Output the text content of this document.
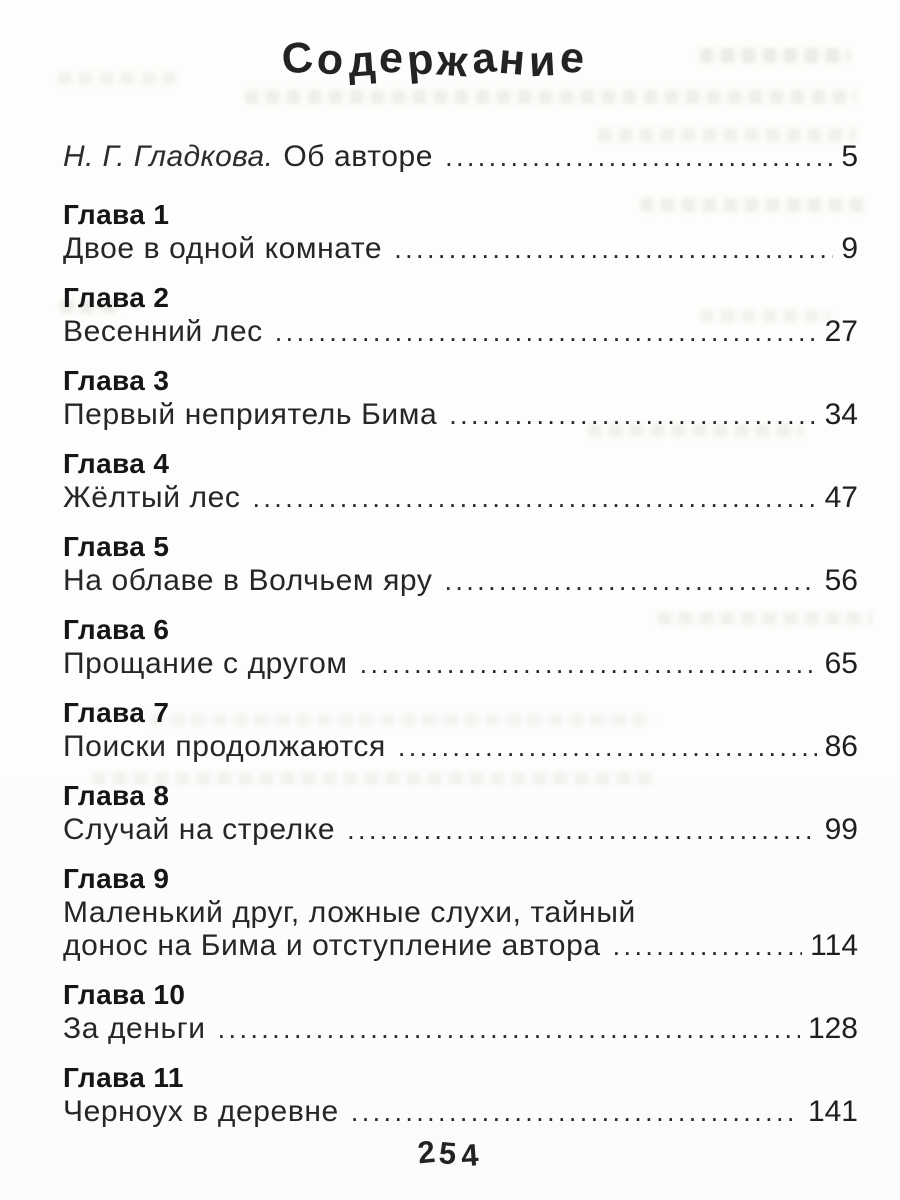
Содержание
Н. Г. Гладкова. Об авторе .....	5
Глава 1
Двое в одной комнате .....	9
Глава 2
Весенний лес .....	27
Глава 3
Первый неприятель Бима .....	34
Глава 4
Жёлтый лес .....	47
Глава 5
На облаве в Волчьем яру .....	56
Глава 6
Прощание с другом .....	65
Глава 7
Поиски продолжаются .....	86
Глава 8
Случай на стрелке .....	99
Глава 9
Маленький друг, ложные слухи, тайный
донос на Бима и отступление автора .....	114
Глава 10
За деньги .....	128
Глава 11
Черноух в деревне .....	141
254
